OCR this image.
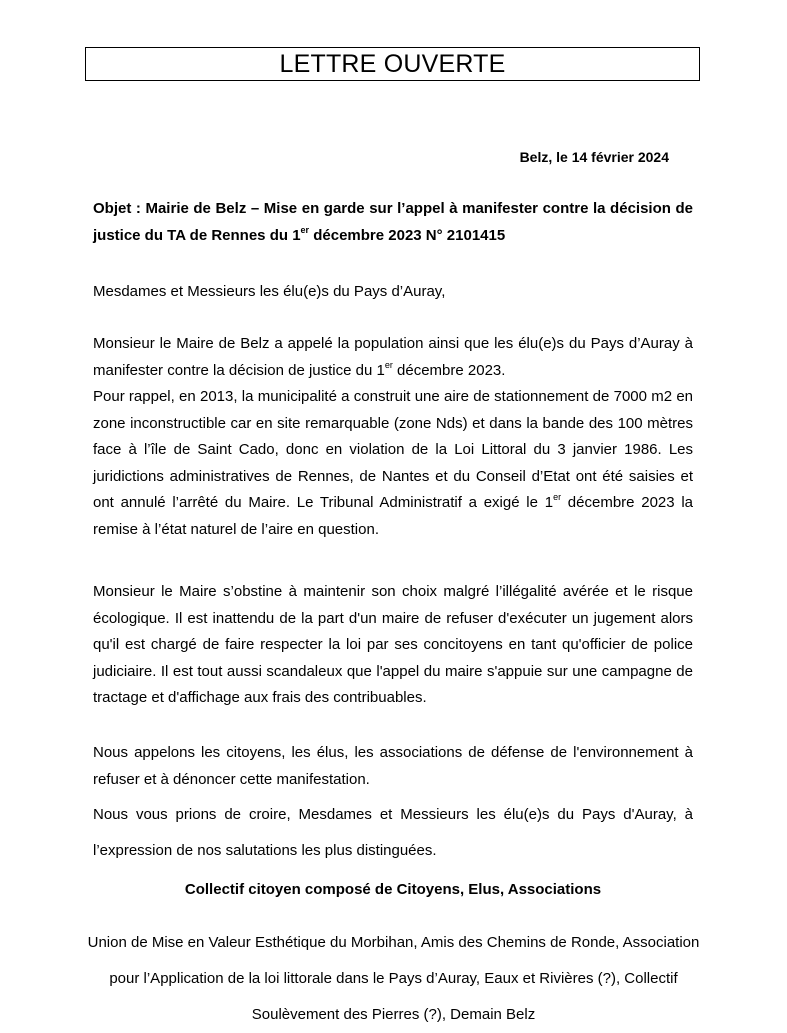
LETTRE OUVERTE
Belz, le 14 février 2024

Objet : Mairie de Belz – Mise en garde sur l’appel à manifester contre la décision de justice du TA de Rennes du 1er décembre 2023 N° 2101415

Mesdames et Messieurs les élu(e)s du Pays d’Auray,

Monsieur le Maire de Belz a appelé la population ainsi que les élu(e)s du Pays d’Auray à manifester contre la décision de justice du 1er décembre 2023.
Pour rappel, en 2013, la municipalité a construit une aire de stationnement de 7000 m2 en zone inconstructible car en site remarquable (zone Nds) et dans la bande des 100 mètres face à l’île de Saint Cado, donc en violation de la Loi Littoral du 3 janvier 1986. Les juridictions administratives de Rennes, de Nantes et du Conseil d’Etat ont été saisies et ont annulé l’arrêté du Maire. Le Tribunal Administratif a exigé le 1er décembre 2023 la remise à l’état naturel de l’aire en question.

Monsieur le Maire s’obstine à maintenir son choix malgré l’illégalité avérée et le risque écologique. Il est inattendu de la part d'un maire de refuser d'exécuter un jugement alors qu'il est chargé de faire respecter la loi par ses concitoyens en tant qu'officier de police judiciaire. Il est tout aussi scandaleux que l'appel du maire s'appuie sur une campagne de tractage et d'affichage aux frais des contribuables.

Nous appelons les citoyens, les élus, les associations de défense de l'environnement à refuser et à dénoncer cette manifestation.

Nous vous prions de croire, Mesdames et Messieurs les élu(e)s du Pays d'Auray, à l’expression de nos salutations les plus distinguées.

Collectif citoyen composé de Citoyens, Elus, Associations

Union de Mise en Valeur Esthétique du Morbihan, Amis des Chemins de Ronde, Association pour l’Application de la loi littorale dans le Pays d’Auray, Eaux et Rivières (?), Collectif Soulèvement des Pierres (?), Demain Belz
